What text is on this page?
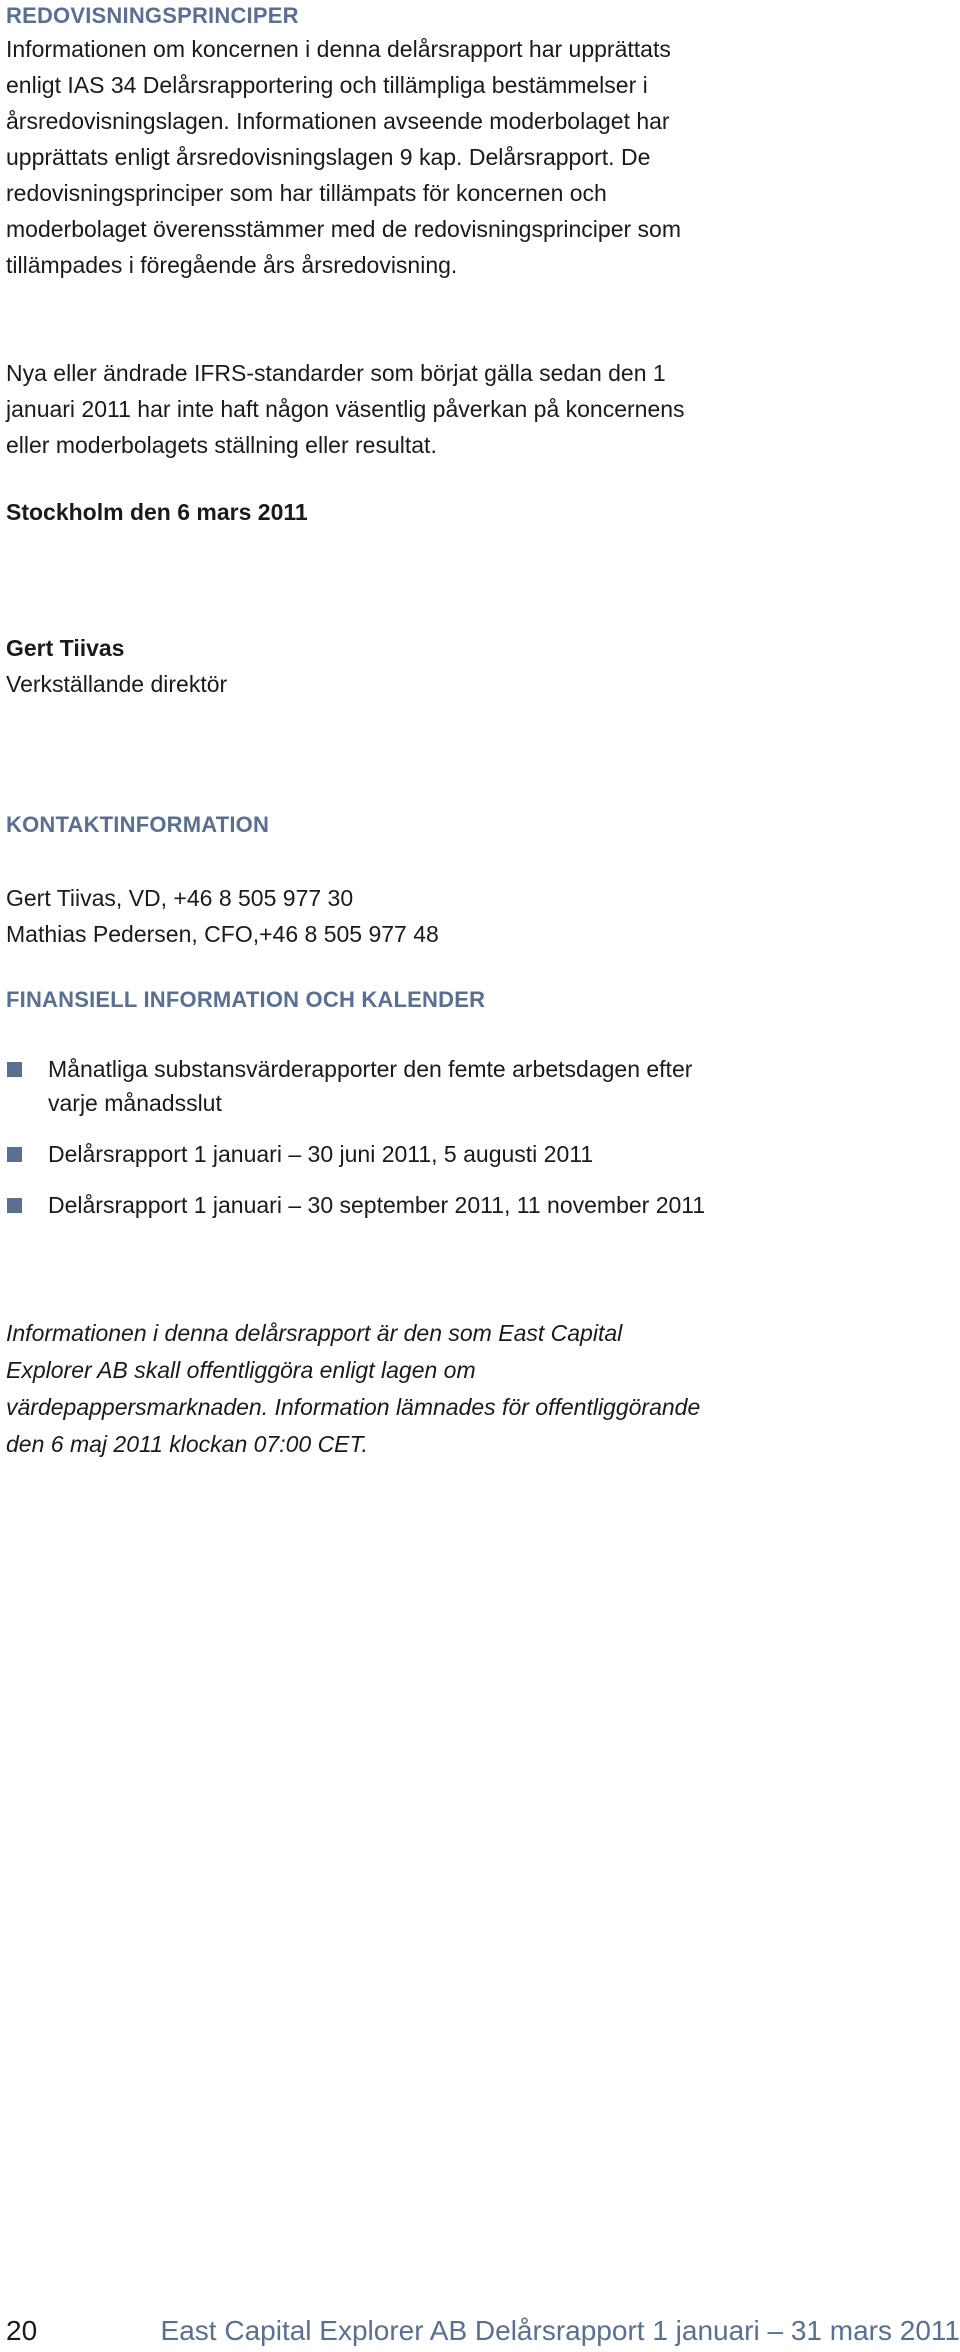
REDOVISNINGSPRINCIPER

Informationen om koncernen i denna delårsrapport har upprättats enligt IAS 34 Delårsrapportering och tillämpliga bestämmelser i årsredovisningslagen. Informationen avseende moderbolaget har upprättats enligt årsredovisningslagen 9 kap. Delårsrapport. De redovisningsprinciper som har tillämpats för koncernen och moderbolaget överensstämmer med de redovisningsprinciper som tillämpades i föregående års årsredovisning.

Nya eller ändrade IFRS-standarder som börjat gälla sedan den 1 januari 2011 har inte haft någon väsentlig påverkan på koncernens eller moderbolagets ställning eller resultat.

Stockholm den 6 mars 2011
Gert Tiivas
Verkställande direktör
KONTAKTINFORMATION

Gert Tiivas, VD, +46 8 505 977 30

Mathias Pedersen, CFO,+46 8 505 977 48

FINANSIELL INFORMATION OCH KALENDER
Månatliga substansvärderapporter den femte arbetsdagen efter varje månadsslut
Delårsrapport 1 januari – 30 juni 2011, 5 augusti 2011
Delårsrapport 1 januari – 30 september 2011, 11 november 2011

Informationen i denna delårsrapport är den som East Capital Explorer AB skall offentliggöra enligt lagen om värdepappersmarknaden. Information lämnades för offentliggörande den 6 maj 2011 klockan 07:00 CET.

20	East Capital Explorer AB Delårsrapport 1 januari – 31 mars 2011
